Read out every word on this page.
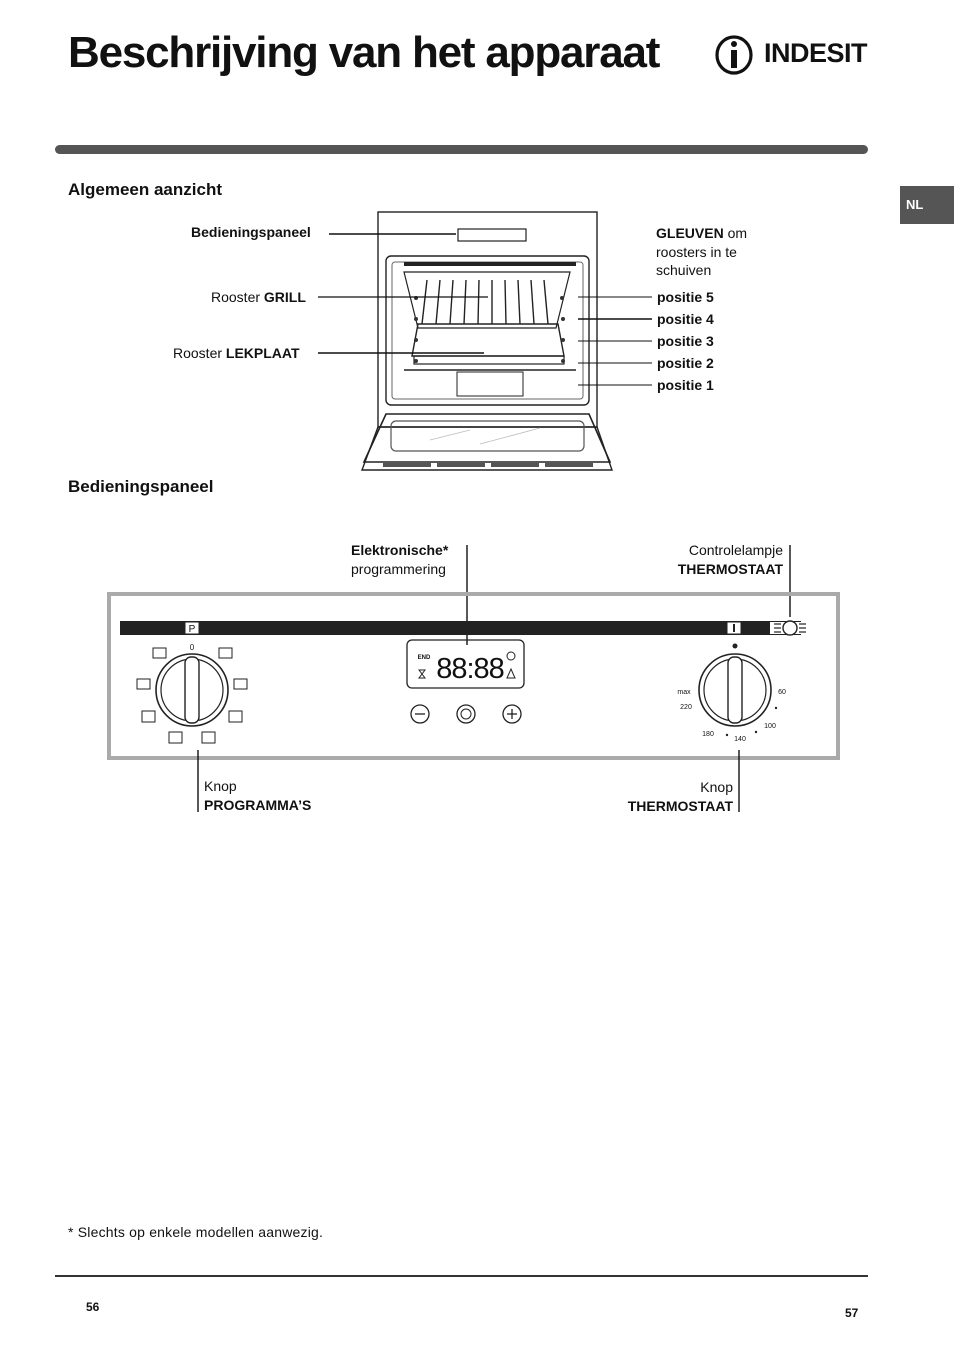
Beschrijving van het apparaat	INDESIT
NL
Algemeen aanzicht
Bedieningspaneel
Rooster GRILL
Rooster LEKPLAAT
GLEUVEN om
roosters in te
schuiven
positie 5
positie 4
positie 3
positie 2
positie 1
Bedieningspaneel
Elektronische*
programmering
Controlelampje
THERMOSTAAT
P
0
END 88:88
max
220
180
140
100
60
Knop
PROGRAMMA’S
Knop
THERMOSTAAT
* Slechts op enkele modellen aanwezig.
56	57
